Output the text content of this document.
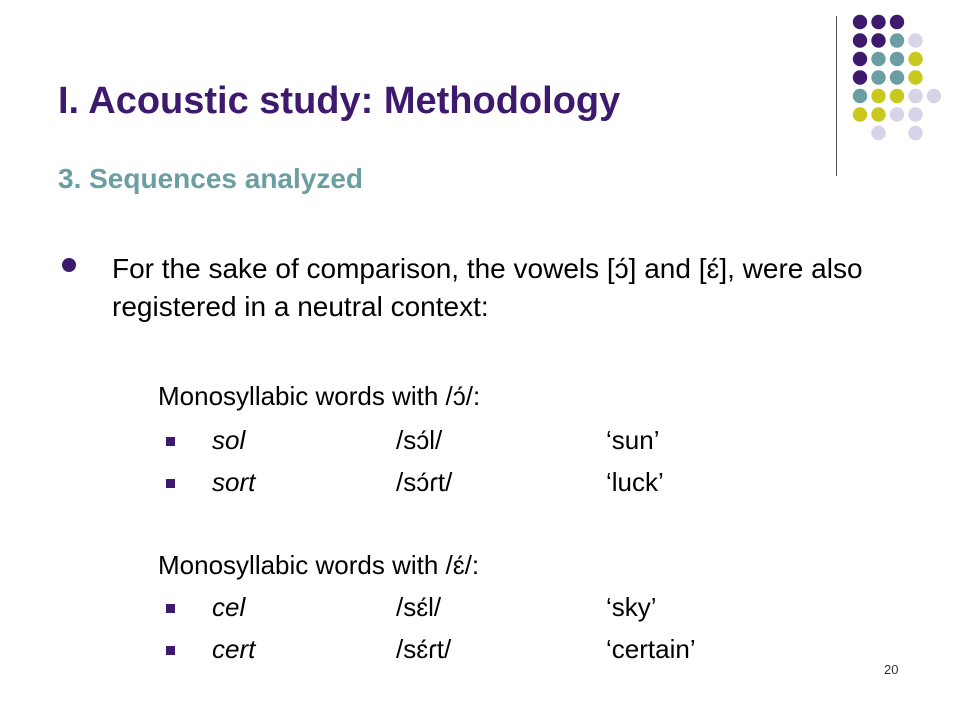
I. Acoustic study: Methodology
3. Sequences analyzed
For the sake of comparison, the vowels [ɔ́] and [ɛ́], were also registered in a neutral context:
Monosyllabic words with /ɔ́/:
sol	/sɔ́l/	‘sun’
sort	/sɔ́ɾt/	‘luck’
Monosyllabic words with /ɛ́/:
cel	/sɛ́l/	‘sky’
cert	/sɛ́ɾt/	‘certain’
20
